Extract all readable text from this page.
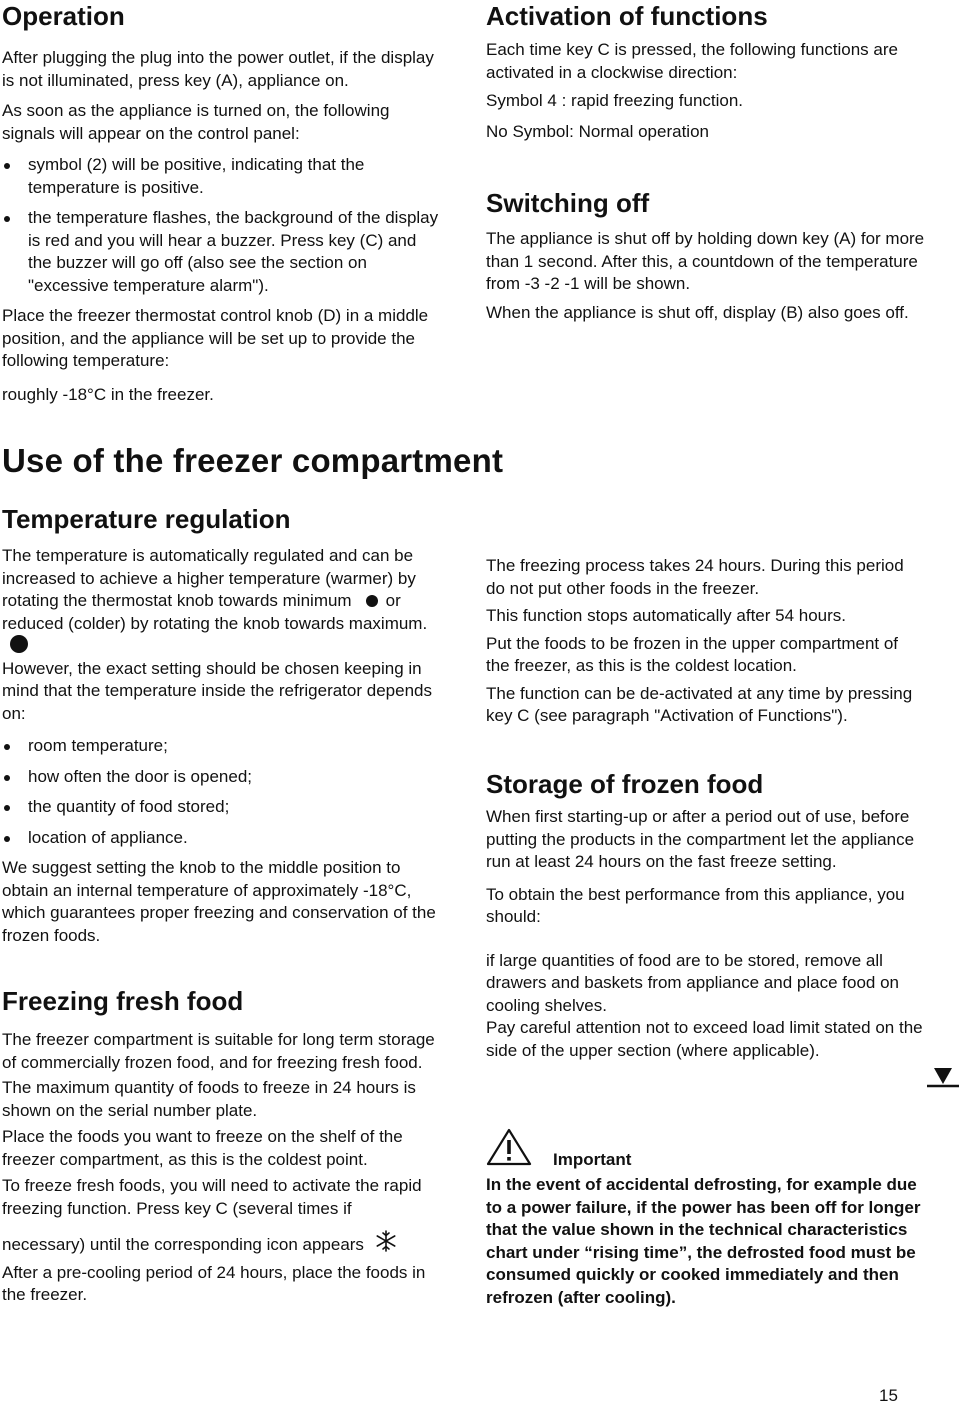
Operation

After plugging the plug into the power outlet, if the display is not illuminated, press key (A), appliance on.

As soon as the appliance is turned on, the following signals will appear on the control panel:

symbol (2) will be positive, indicating that the temperature is positive.
the temperature flashes, the background of the display is red and you will hear a buzzer. Press key (C) and the buzzer will go off (also see the section on "excessive temperature alarm").

Place the freezer thermostat control knob (D) in a middle position, and the appliance will be set up to provide the following temperature:

roughly -18°C in the freezer.

Activation of functions

Each time key C is pressed, the following functions are activated in a clockwise direction:

Symbol 4 : rapid freezing function.

No Symbol: Normal operation

Switching off

The appliance is shut off by holding down key (A) for more than 1 second. After this, a countdown of the temperature from -3 -2 -1 will be shown.

When the appliance is shut off, display (B) also goes off.

Use of the freezer compartment
Temperature regulation

The temperature is automatically regulated and can be increased to achieve a higher temperature (warmer) by rotating the thermostat knob towards minimum or reduced (colder) by rotating the knob towards maximum.

However, the exact setting should be chosen keeping in mind that the temperature inside the refrigerator depends on:

room temperature;
how often the door is opened;
the quantity of food stored;
location of appliance.

We suggest setting the knob to the middle position to obtain an internal temperature of approximately -18°C, which guarantees proper freezing and conservation of the frozen foods.

Freezing fresh food

The freezer compartment is suitable for long term storage of commercially frozen food, and for freezing fresh food.

The maximum quantity of foods to freeze in 24 hours is shown on the serial number plate.

Place the foods you want to freeze on the shelf of the freezer compartment, as this is the coldest point.

To freeze fresh foods, you will need to activate the rapid freezing function. Press key C (several times if

necessary) until the corresponding icon appears

After a pre-cooling period of 24 hours, place the foods in the freezer.

The freezing process takes 24 hours. During this period do not put other foods in the freezer.

This function stops automatically after 54 hours.

Put the foods to be frozen in the upper compartment of the freezer, as this is the coldest location.

The function can be de-activated at any time by pressing key C (see paragraph "Activation of Functions").

Storage of frozen food

When first starting-up or after a period out of use, before putting the products in the compartment let the appliance run at least 24 hours on the fast freeze setting.

To obtain the best performance from this appliance, you should:

if large quantities of food are to be stored, remove all drawers and baskets from appliance and place food on cooling shelves.

Pay careful attention not to exceed load limit stated on the side of the upper section (where applicable).

Important

In the event of accidental defrosting, for example due to a power failure, if the power has been off for longer that the value shown in the technical characteristics chart under “rising time”, the defrosted food must be consumed quickly or cooked immediately and then refrozen (after cooling).

15
